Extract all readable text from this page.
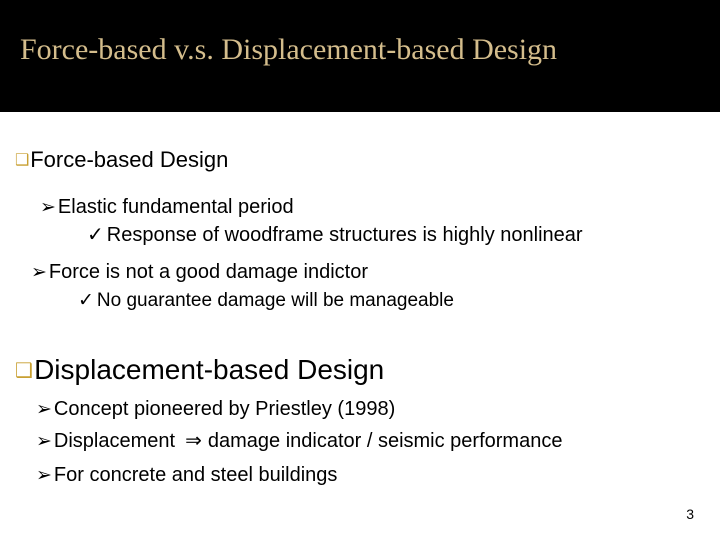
Force-based v.s. Displacement-based Design
❑Force-based Design
➢ Elastic fundamental period
✓ Response of woodframe structures is highly nonlinear
➢ Force is not a good damage indictor
✓ No guarantee damage will be manageable
❑Displacement-based Design
➢ Concept pioneered by Priestley (1998)
➢ Displacement ⇒ damage indicator / seismic performance
➢ For concrete and steel buildings
3
